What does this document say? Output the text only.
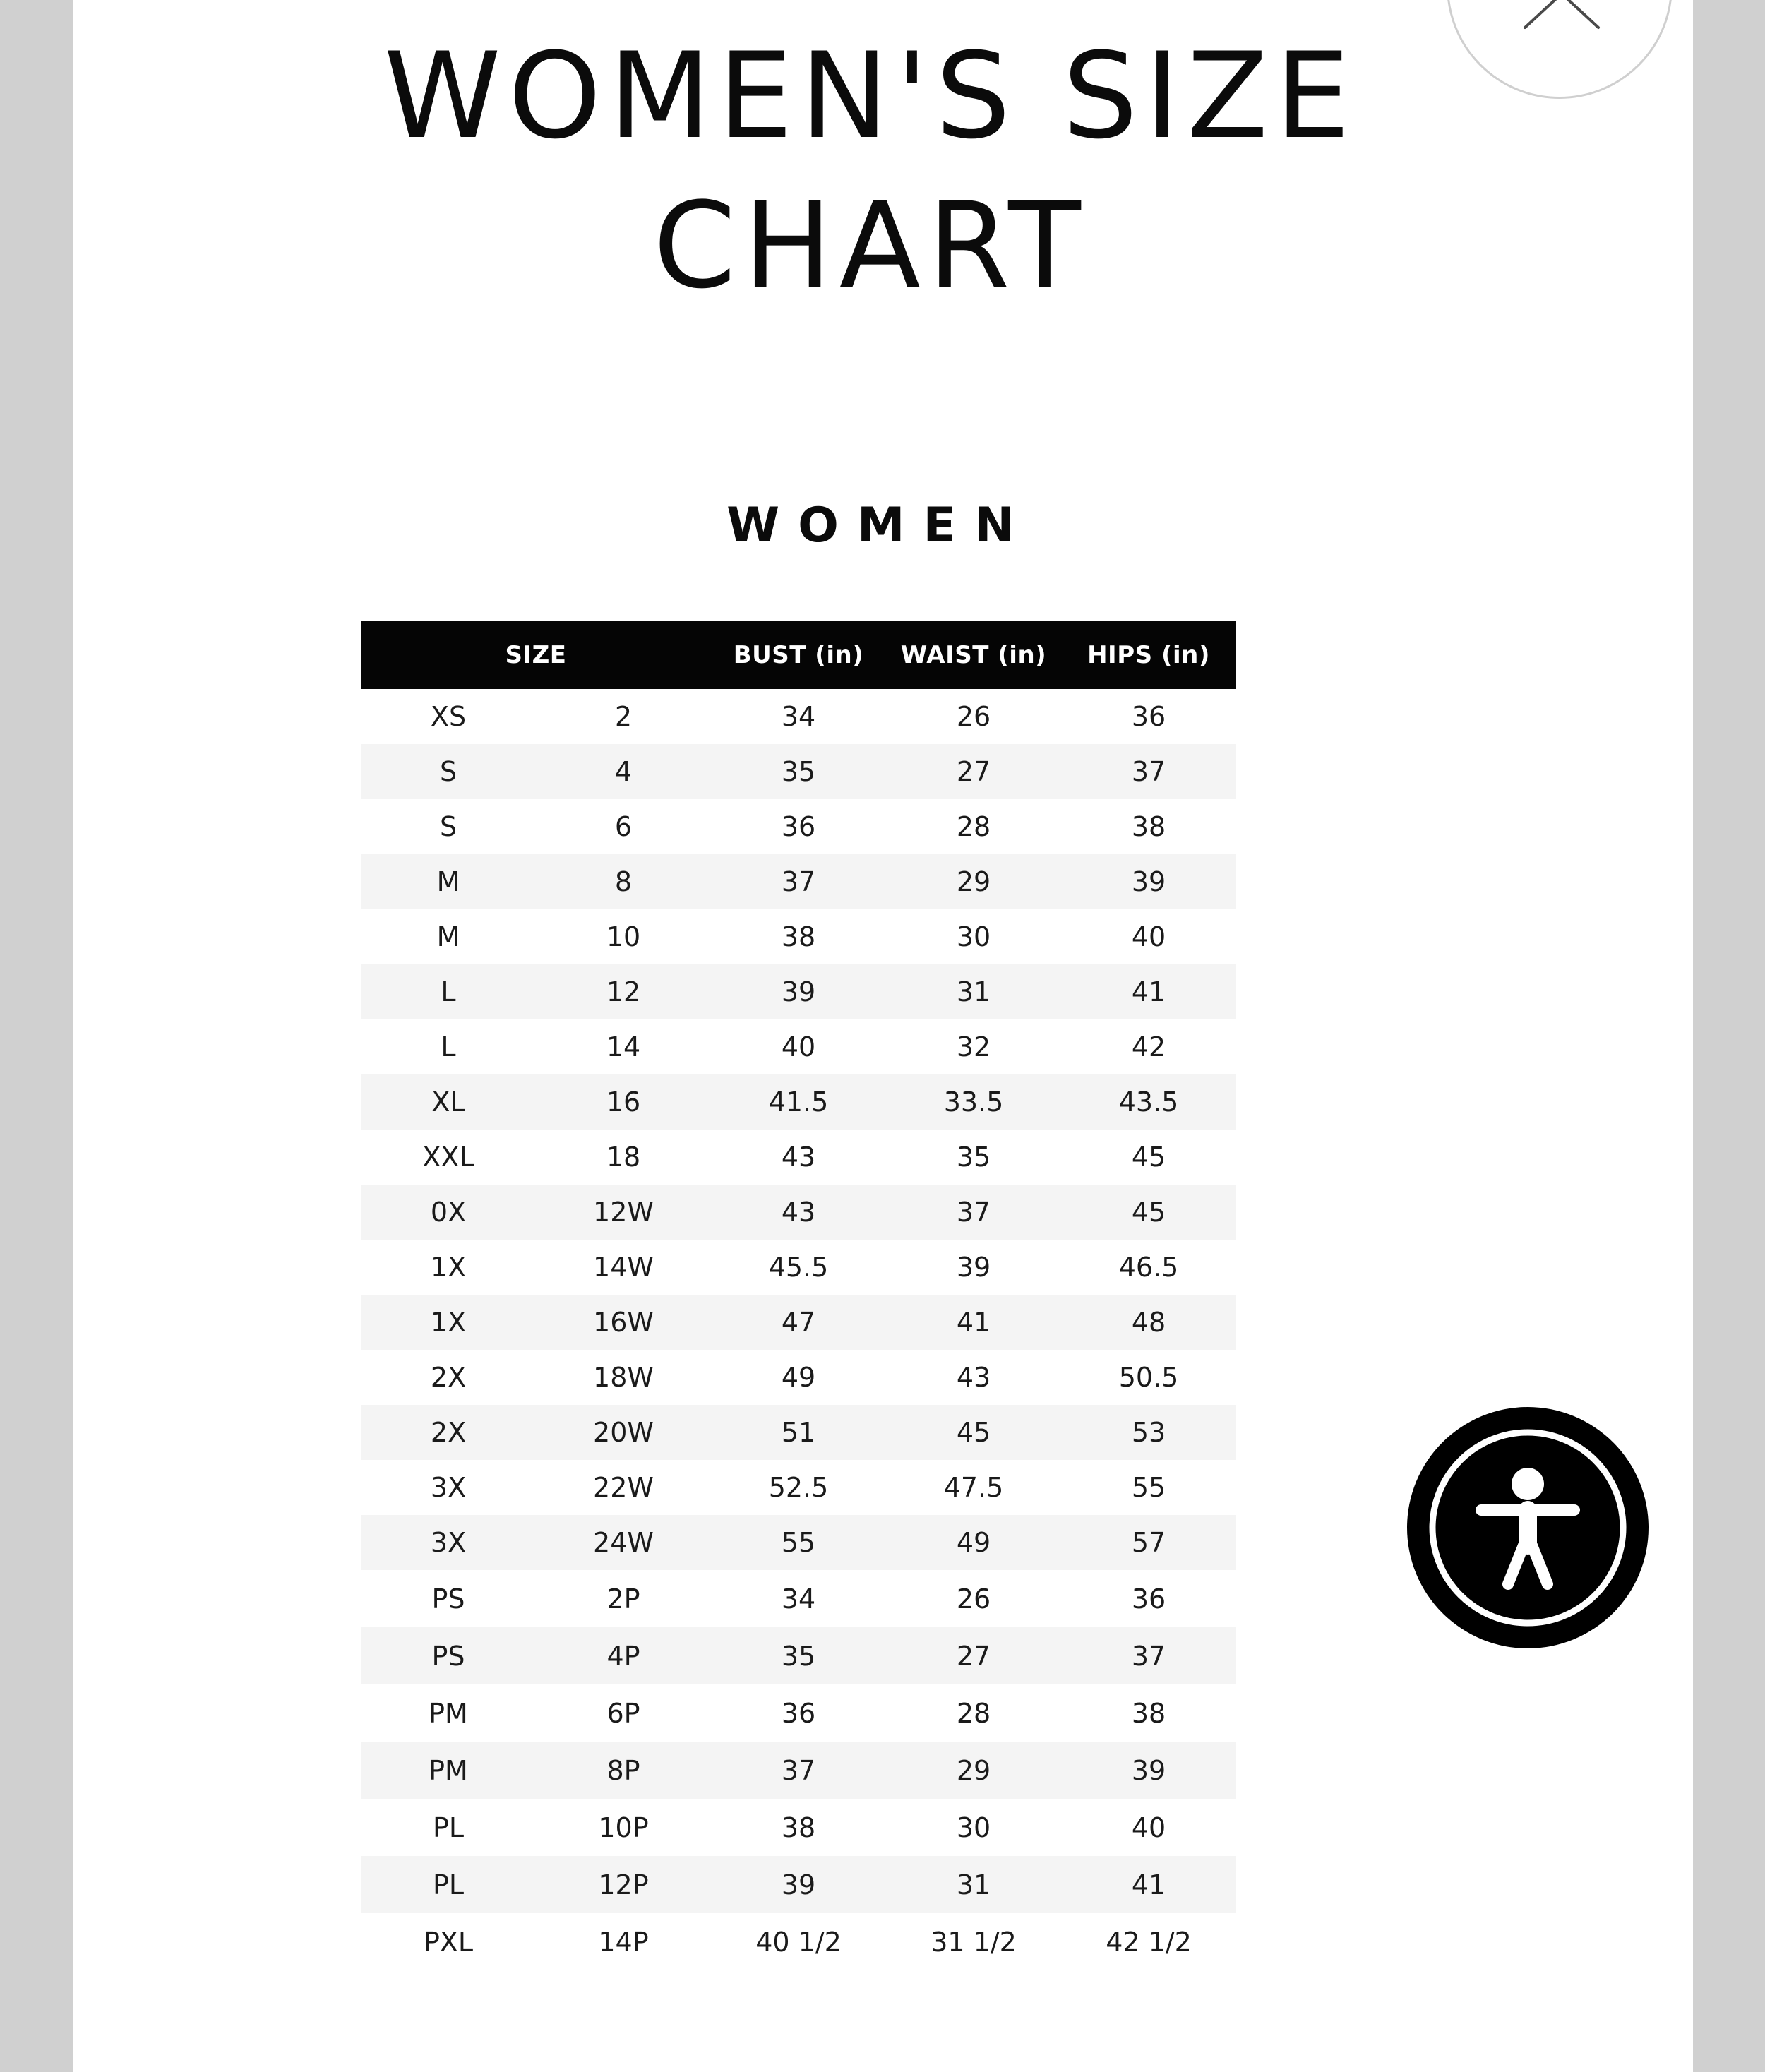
WOMEN'S SIZE
CHART
WOMEN
SIZE		BUST (in)	WAIST (in)	HIPS (in)
XS	2	34	26	36
S	4	35	27	37
S	6	36	28	38
M	8	37	29	39
M	10	38	30	40
L	12	39	31	41
L	14	40	32	42
XL	16	41.5	33.5	43.5
XXL	18	43	35	45
0X	12W	43	37	45
1X	14W	45.5	39	46.5
1X	16W	47	41	48
2X	18W	49	43	50.5
2X	20W	51	45	53
3X	22W	52.5	47.5	55
3X	24W	55	49	57
PS	2P	34	26	36
PS	4P	35	27	37
PM	6P	36	28	38
PM	8P	37	29	39
PL	10P	38	30	40
PL	12P	39	31	41
PXL	14P	40 1/2	31 1/2	42 1/2
